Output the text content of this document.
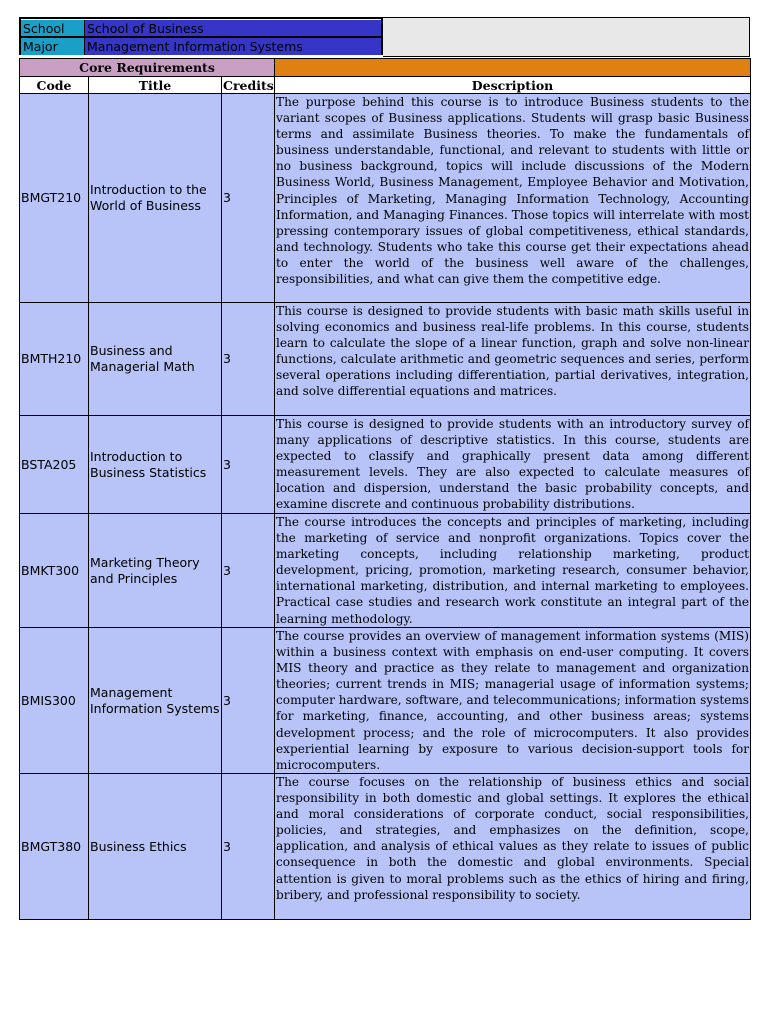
School	School of Business
Major	Management Information Systems
Core Requirements			
Code	Title	Credits	Description
BMGT210	Introduction to the World of Business	3	The purpose behind this course is to introduce Business students to the variant scopes of Business applications. Students will grasp basic Business terms and assimilate Business theories. To make the fundamentals of business understandable, functional, and relevant to students with little or no business background, topics will include discussions of the Modern Business World, Business Management, Employee Behavior and Motivation, Principles of Marketing, Managing Information Technology, Accounting Information, and Managing Finances. Those topics will interrelate with most pressing contemporary issues of global competitiveness, ethical standards, and technology. Students who take this course get their expectations ahead to enter the world of the business well aware of the challenges, responsibilities, and what can give them the competitive edge.
BMTH210	Business and Managerial Math	3	This course is designed to provide students with basic math skills useful in solving economics and business real-life problems. In this course, students learn to calculate the slope of a linear function, graph and solve non-linear functions, calculate arithmetic and geometric sequences and series, perform several operations including differentiation, partial derivatives, integration, and solve differential equations and matrices.
BSTA205	Introduction to Business Statistics	3	This course is designed to provide students with an introductory survey of many applications of descriptive statistics. In this course, students are expected to classify and graphically present data among different measurement levels. They are also expected to calculate measures of location and dispersion, understand the basic probability concepts, and examine discrete and continuous probability distributions.
BMKT300	Marketing Theory and Principles	3	The course introduces the concepts and principles of marketing, including the marketing of service and nonprofit organizations. Topics cover the marketing concepts, including relationship marketing, product development, pricing, promotion, marketing research, consumer behavior, international marketing, distribution, and internal marketing to employees. Practical case studies and research work constitute an integral part of the learning methodology.
BMIS300	Management Information Systems	3	The course provides an overview of management information systems (MIS) within a business context with emphasis on end-user computing. It covers MIS theory and practice as they relate to management and organization theories; current trends in MIS; managerial usage of information systems; computer hardware, software, and telecommunications; information systems for marketing, finance, accounting, and other business areas; systems development process; and the role of microcomputers. It also provides experiential learning by exposure to various decision-support tools for microcomputers.
BMGT380	Business Ethics	3	The course focuses on the relationship of business ethics and social responsibility in both domestic and global settings. It explores the ethical and moral considerations of corporate conduct, social responsibilities, policies, and strategies, and emphasizes on the definition, scope, application, and analysis of ethical values as they relate to issues of public consequence in both the domestic and global environments. Special attention is given to moral problems such as the ethics of hiring and firing, bribery, and professional responsibility to society.
